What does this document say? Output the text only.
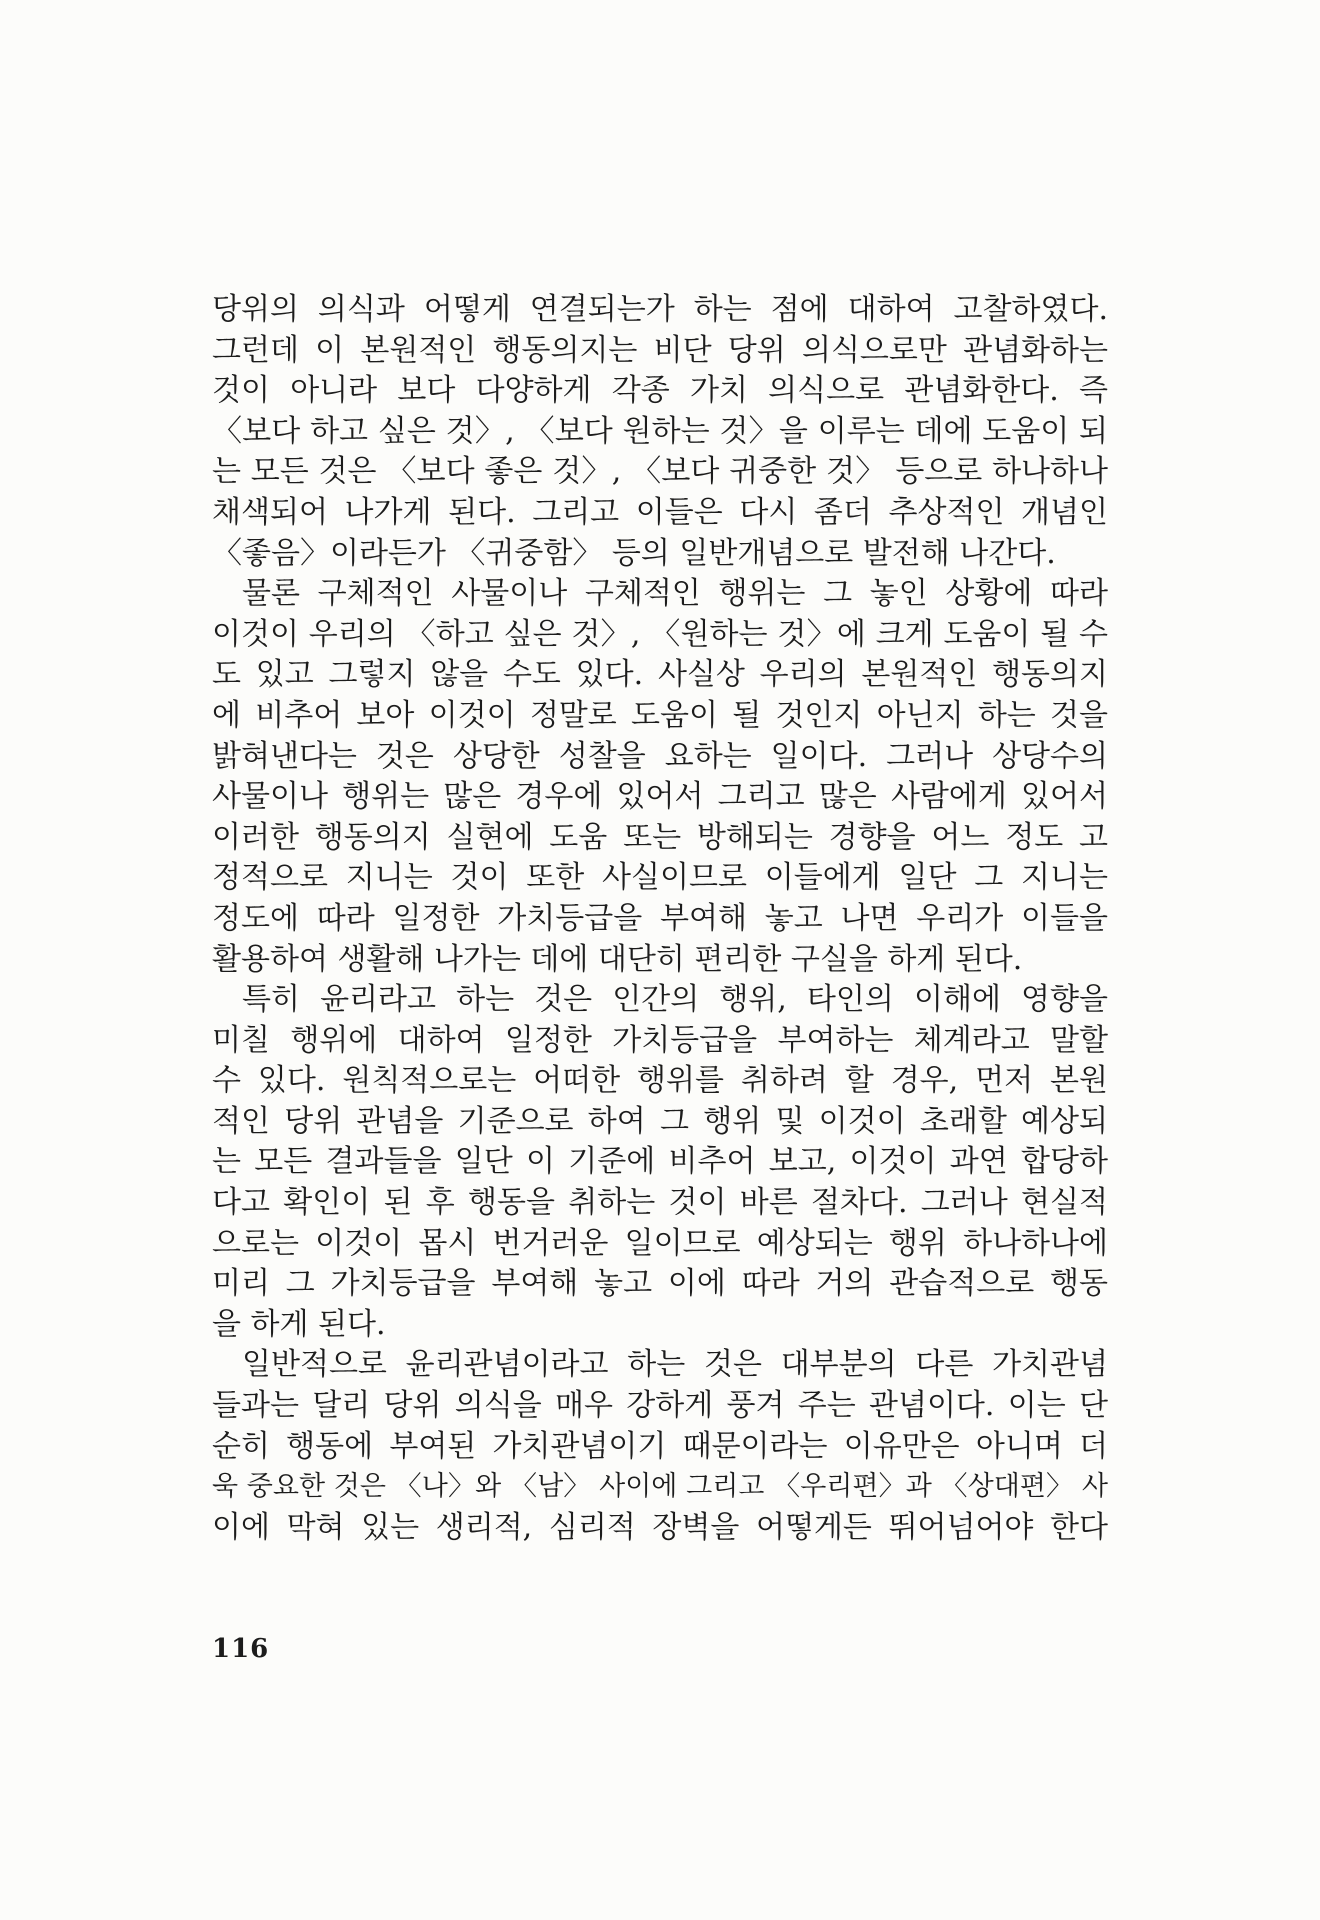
당위의 의식과 어떻게 연결되는가 하는 점에 대하여 고찰하였다.
그런데 이 본원적인 행동의지는 비단 당위 의식으로만 관념화하는
것이 아니라 보다 다양하게 각종 가치 의식으로 관념화한다. 즉
〈보다 하고 싶은 것〉, 〈보다 원하는 것〉을 이루는 데에 도움이 되
는 모든 것은 〈보다 좋은 것〉, 〈보다 귀중한 것〉 등으로 하나하나
채색되어 나가게 된다. 그리고 이들은 다시 좀더 추상적인 개념인
〈좋음〉이라든가 〈귀중함〉 등의 일반개념으로 발전해 나간다.
물론 구체적인 사물이나 구체적인 행위는 그 놓인 상황에 따라
이것이 우리의 〈하고 싶은 것〉, 〈원하는 것〉에 크게 도움이 될 수
도 있고 그렇지 않을 수도 있다. 사실상 우리의 본원적인 행동의지
에 비추어 보아 이것이 정말로 도움이 될 것인지 아닌지 하는 것을
밝혀낸다는 것은 상당한 성찰을 요하는 일이다. 그러나 상당수의
사물이나 행위는 많은 경우에 있어서 그리고 많은 사람에게 있어서
이러한 행동의지 실현에 도움 또는 방해되는 경향을 어느 정도 고
정적으로 지니는 것이 또한 사실이므로 이들에게 일단 그 지니는
정도에 따라 일정한 가치등급을 부여해 놓고 나면 우리가 이들을
활용하여 생활해 나가는 데에 대단히 편리한 구실을 하게 된다.
특히 윤리라고 하는 것은 인간의 행위, 타인의 이해에 영향을
미칠 행위에 대하여 일정한 가치등급을 부여하는 체계라고 말할
수 있다. 원칙적으로는 어떠한 행위를 취하려 할 경우, 먼저 본원
적인 당위 관념을 기준으로 하여 그 행위 및 이것이 초래할 예상되
는 모든 결과들을 일단 이 기준에 비추어 보고, 이것이 과연 합당하
다고 확인이 된 후 행동을 취하는 것이 바른 절차다. 그러나 현실적
으로는 이것이 몹시 번거러운 일이므로 예상되는 행위 하나하나에
미리 그 가치등급을 부여해 놓고 이에 따라 거의 관습적으로 행동
을 하게 된다.
일반적으로 윤리관념이라고 하는 것은 대부분의 다른 가치관념
들과는 달리 당위 의식을 매우 강하게 풍겨 주는 관념이다. 이는 단
순히 행동에 부여된 가치관념이기 때문이라는 이유만은 아니며 더
욱 중요한 것은 〈나〉와 〈남〉 사이에 그리고 〈우리편〉과 〈상대편〉 사
이에 막혀 있는 생리적, 심리적 장벽을 어떻게든 뛰어넘어야 한다
116
